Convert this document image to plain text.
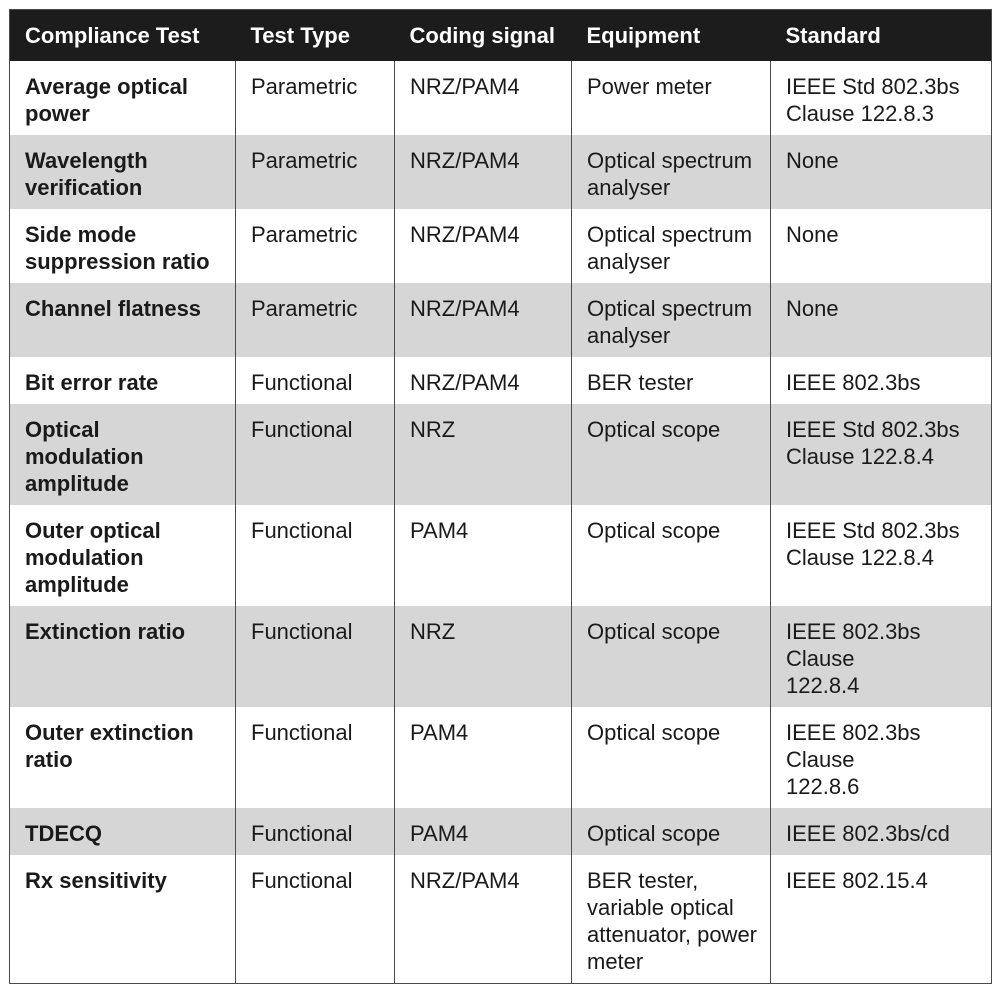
Compliance Test	Test Type	Coding signal	Equipment	Standard
Average optical power	Parametric	NRZ/PAM4	Power meter	IEEE Std 802.3bs Clause 122.8.3
Wavelength verification	Parametric	NRZ/PAM4	Optical spectrum analyser	None
Side mode suppression ratio	Parametric	NRZ/PAM4	Optical spectrum analyser	None
Channel flatness	Parametric	NRZ/PAM4	Optical spectrum analyser	None
Bit error rate	Functional	NRZ/PAM4	BER tester	IEEE 802.3bs
Optical modulation amplitude	Functional	NRZ	Optical scope	IEEE Std 802.3bs Clause 122.8.4
Outer optical modulation amplitude	Functional	PAM4	Optical scope	IEEE Std 802.3bs Clause 122.8.4
Extinction ratio	Functional	NRZ	Optical scope	IEEE 802.3bs Clause 122.8.4
Outer extinction ratio	Functional	PAM4	Optical scope	IEEE 802.3bs Clause 122.8.6
TDECQ	Functional	PAM4	Optical scope	IEEE 802.3bs/cd
Rx sensitivity	Functional	NRZ/PAM4	BER tester, variable optical attenuator, power meter	IEEE 802.15.4
